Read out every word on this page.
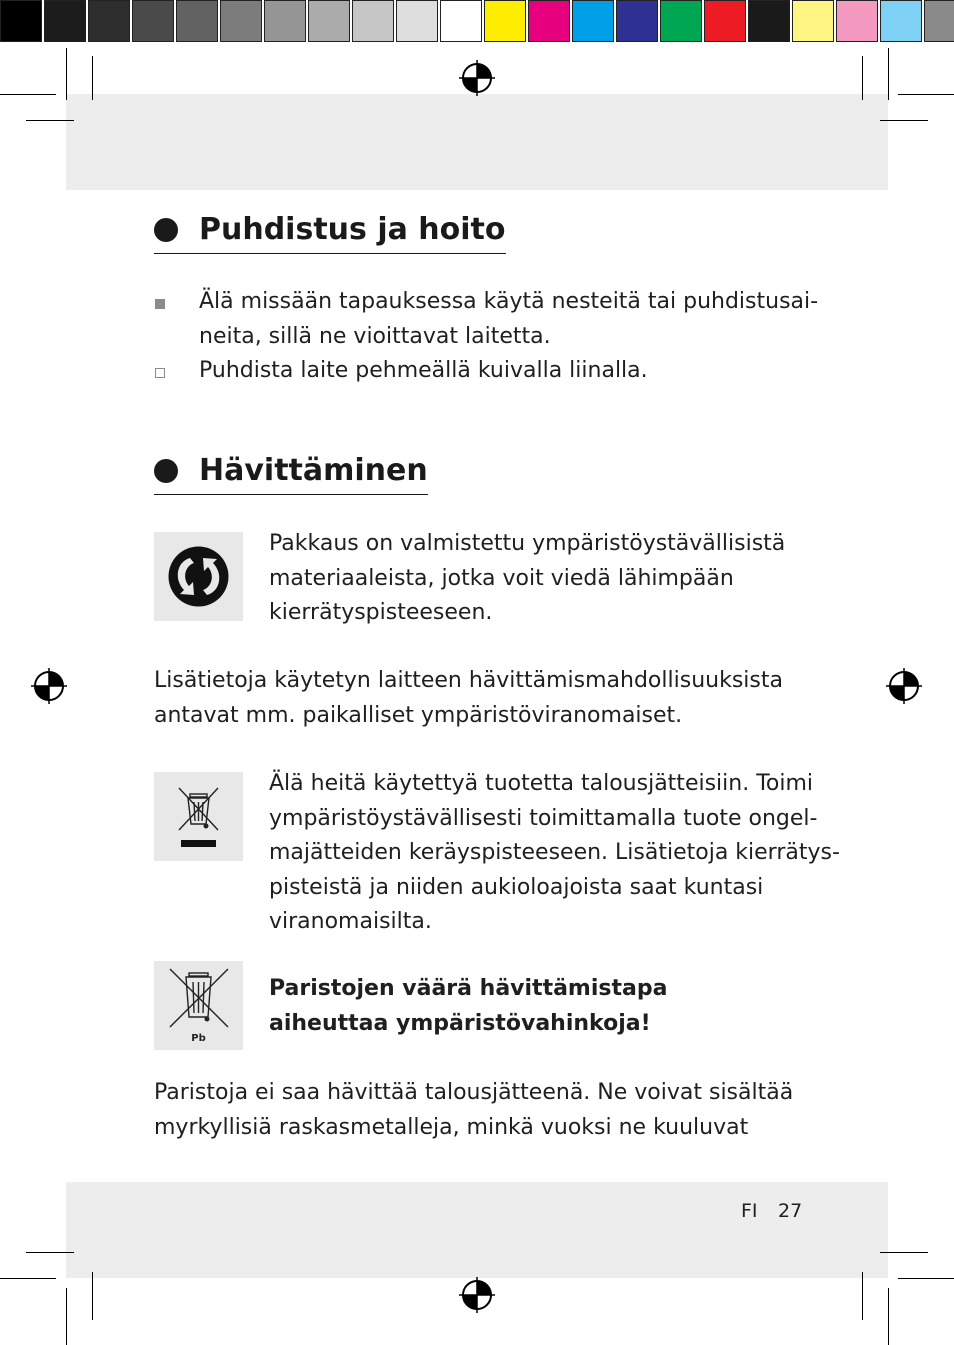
Puhdistus ja hoito
Älä missään tapauksessa käytä nesteitä tai puhdistusai-
neita, sillä ne vioittavat laitetta.
Puhdista laite pehmeällä kuivalla liinalla.
Hävittäminen
Pakkaus on valmistettu ympäristöystävällisistä
materiaaleista, jotka voit viedä lähimpään
kierrätyspisteeseen.
Lisätietoja käytetyn laitteen hävittämismahdollisuuksista
antavat mm. paikalliset ympäristöviranomaiset.
Älä heitä käytettyä tuotetta talousjätteisiin. Toimi
ympäristöystävällisesti toimittamalla tuote ongel-
majätteiden keräyspisteeseen. Lisätietoja kierrätys-
pisteistä ja niiden aukioloajoista saat kuntasi
viranomaisilta.
Pb
Paristojen väärä hävittämistapa
aiheuttaa ympäristövahinkoja!
Paristoja ei saa hävittää talousjätteenä. Ne voivat sisältää
myrkyllisiä raskasmetalleja, minkä vuoksi ne kuuluvat
FI 27
